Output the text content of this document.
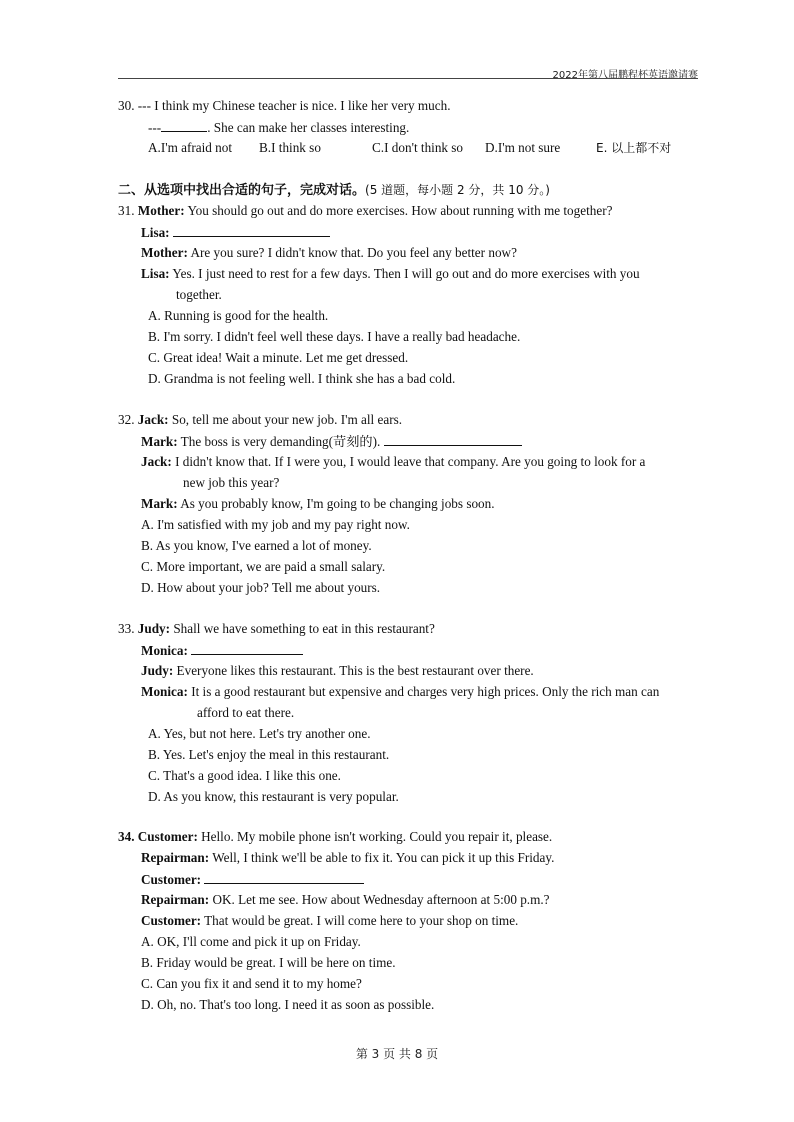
2022年第八届鹏程杯英语邀请赛
30. --- I think my Chinese teacher is nice. I like her very much.
---	. She can make her classes interesting.
A.I'm afraid not B.I think so	C.I don't think so D.I'm not sure	E. 以上都不对
二、从选项中找出合适的句子，完成对话。(5 道题，每小题 2 分，共 10 分。)
31. Mother: You should go out and do more exercises. How about running with me together?
Lisa:
Mother: Are you sure? I didn't know that. Do you feel any better now?
Lisa: Yes. I just need to rest for a few days. Then I will go out and do more exercises with you
together.
A. Running is good for the health.
B. I'm sorry. I didn't feel well these days. I have a really bad headache.
C. Great idea! Wait a minute. Let me get dressed.
D. Grandma is not feeling well. I think she has a bad cold.
32. Jack: So, tell me about your new job. I'm all ears.
Mark: The boss is very demanding(苛刻的).
Jack: I didn't know that. If I were you, I would leave that company. Are you going to look for a
new job this year?
Mark: As you probably know, I'm going to be changing jobs soon.
A. I'm satisfied with my job and my pay right now.
B. As you know, I've earned a lot of money.
C. More important, we are paid a small salary.
D. How about your job? Tell me about yours.
33. Judy: Shall we have something to eat in this restaurant?
Monica:
Judy: Everyone likes this restaurant. This is the best restaurant over there.
Monica: It is a good restaurant but expensive and charges very high prices. Only the rich man can
afford to eat there.
A. Yes, but not here. Let's try another one.
B. Yes. Let's enjoy the meal in this restaurant.
C. That's a good idea. I like this one.
D. As you know, this restaurant is very popular.
34. Customer: Hello. My mobile phone isn't working. Could you repair it, please.
Repairman: Well, I think we'll be able to fix it. You can pick it up this Friday.
Customer:
Repairman: OK. Let me see. How about Wednesday afternoon at 5:00 p.m.?
Customer: That would be great. I will come here to your shop on time.
A. OK, I'll come and pick it up on Friday.
B. Friday would be great. I will be here on time.
C. Can you fix it and send it to my home?
D. Oh, no. That's too long. I need it as soon as possible.
第 3 页 共 8 页
